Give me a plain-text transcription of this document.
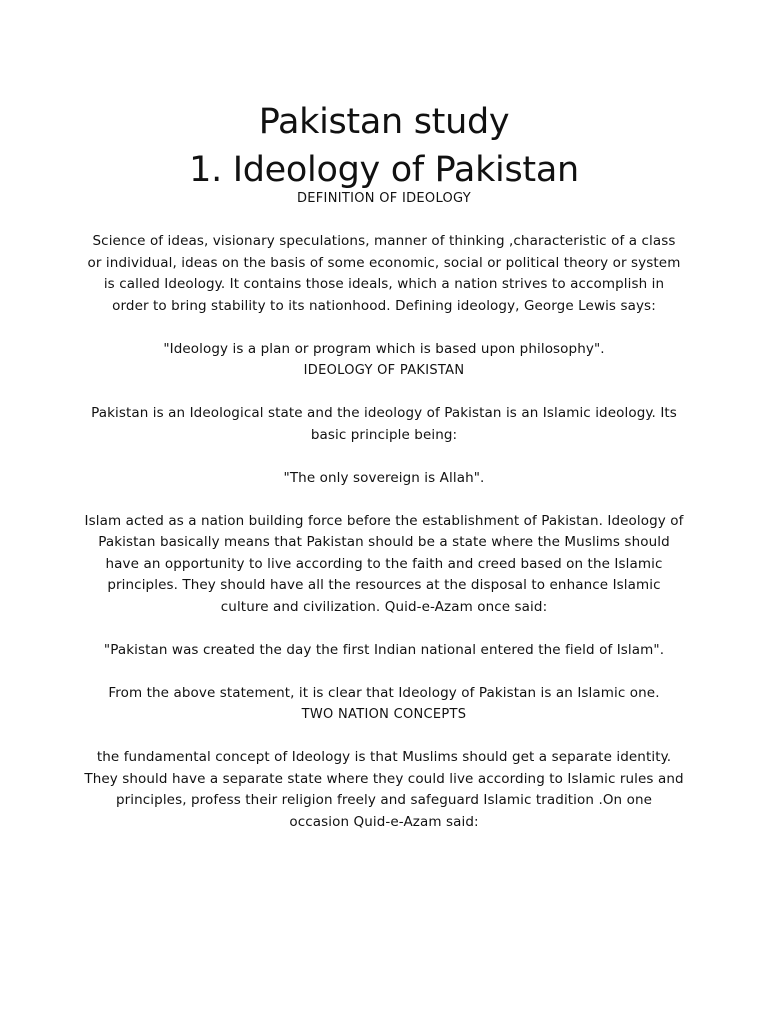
Pakistan study
1. Ideology of Pakistan

DEFINITION OF IDEOLOGY

Science of ideas, visionary speculations, manner of thinking ,characteristic of a class or individual, ideas on the basis of some economic, social or political theory or system is called Ideology. It contains those ideals, which a nation strives to accomplish in order to bring stability to its nationhood. Defining ideology, George Lewis says:

"Ideology is a plan or program which is based upon philosophy".

IDEOLOGY OF PAKISTAN

Pakistan is an Ideological state and the ideology of Pakistan is an Islamic ideology. Its basic principle being:

"The only sovereign is Allah".

Islam acted as a nation building force before the establishment of Pakistan. Ideology of Pakistan basically means that Pakistan should be a state where the Muslims should have an opportunity to live according to the faith and creed based on the Islamic principles. They should have all the resources at the disposal to enhance Islamic culture and civilization. Quid-e-Azam once said:

"Pakistan was created the day the first Indian national entered the field of Islam".

From the above statement, it is clear that Ideology of Pakistan is an Islamic one.

TWO NATION CONCEPTS

the fundamental concept of Ideology is that Muslims should get a separate identity. They should have a separate state where they could live according to Islamic rules and principles, profess their religion freely and safeguard Islamic tradition .On one occasion Quid-e-Azam said:
